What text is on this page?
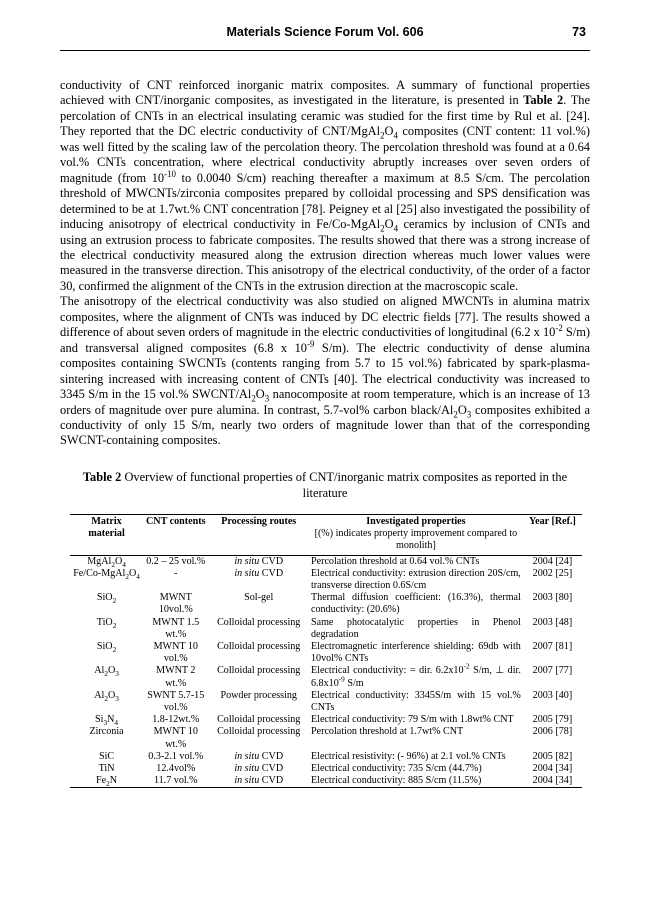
Materials Science Forum Vol. 606	73

conductivity of CNT reinforced inorganic matrix composites. A summary of functional properties achieved with CNT/inorganic composites, as investigated in the literature, is presented in Table 2. The percolation of CNTs in an electrical insulating ceramic was studied for the first time by Rul et al. [24]. They reported that the DC electric conductivity of CNT/$MgAl_2O_4$ composites (CNT content: 11 vol.%) was well fitted by the scaling law of the percolation theory. The percolation threshold was found at a 0.64 vol.% CNTs concentration, where electrical conductivity abruptly increases over seven orders of magnitude (from $10^{-10}$ to 0.0040 S/cm) reaching thereafter a maximum at 8.5 S/cm. The percolation threshold of MWCNTs/zirconia composites prepared by colloidal processing and SPS densification was determined to be at 1.7wt.% CNT concentration [78]. Peigney et al [25] also investigated the possibility of inducing anisotropy of electrical conductivity in $Fe/Co-MgAl_2O_4$ ceramics by inclusion of CNTs and using an extrusion process to fabricate composites. The results showed that there was a strong increase of the electrical conductivity measured along the extrusion direction whereas much lower values were measured in the transverse direction. This anisotropy of the electrical conductivity, of the order of a factor 30, confirmed the alignment of the CNTs in the extrusion direction at the macroscopic scale.

The anisotropy of the electrical conductivity was also studied on aligned MWCNTs in alumina matrix composites, where the alignment of CNTs was induced by DC electric fields [77]. The results showed a difference of about seven orders of magnitude in the electric conductivities of longitudinal (6.2 x $10^{-2}$ S/m) and transversal aligned composites (6.8 x $10^{-9}$ S/m). The electric conductivity of dense alumina composites containing SWCNTs (contents ranging from 5.7 to 15 vol.%) fabricated by spark-plasma-sintering increased with increasing content of CNTs [40]. The electrical conductivity was increased to 3345 S/m in the 15 vol.% SWCNT/$Al_2O_3$ nanocomposite at room temperature, which is an increase of 13 orders of magnitude over pure alumina. In contrast, 5.7-vol% carbon black/$Al_2O_3$ composites exhibited a conductivity of only 15 S/m, nearly two orders of magnitude lower than that of the corresponding SWCNT-containing composites.

Table 2 Overview of functional properties of CNT/inorganic matrix composites as reported in the literature
Matrix material	CNT contents	Processing routes	Investigated properties
[(%) indicates property improvement compared to monolith]	Year [Ref.]
$MgAl_2O_4$	0.2 – 25 vol.%	in situ CVD	Percolation threshold at 0.64 vol.% CNTs	2004 [24]
$Fe/Co-MgAl_2O_4$	-	in situ CVD	Electrical conductivity: extrusion direction 20S/cm, transverse direction 0.6S/cm	2002 [25]
SiO$_2$	MWNT 10vol.%	Sol-gel	Thermal diffusion coefficient: (16.3%), thermal conductivity: (20.6%)	2003 [80]
TiO$_2$	MWNT 1.5 wt.%	Colloidal processing	Same photocatalytic properties in Phenol degradation	2003 [48]
SiO$_2$	MWNT 10 vol.%	Colloidal processing	Electromagnetic interference shielding: 69db with 10vol% CNTs	2007 [81]
$Al_2O_3$	MWNT 2 wt.%	Colloidal processing	Electrical conductivity: = dir. $6.2x10^{-2}$ S/m, ⊥ dir. $6.8x10^{-9}$ S/m	2007 [77]
$Al_2O_3$	SWNT 5.7-15 vol.%	Powder processing	Electrical conductivity: 3345S/m with 15 vol.% CNTs	2003 [40]
$Si_3N_4$	1.8-12wt.%	Colloidal processing	Electrical conductivity: 79 S/m with 1.8wt% CNT	2005 [79]
Zirconia	MWNT 10 wt.%	Colloidal processing	Percolation threshold at 1.7wt% CNT	2006 [78]
SiC	0.3-2.1 vol.%	in situ CVD	Electrical resistivity: (- 96%) at 2.1 vol.% CNTs	2005 [82]
TiN	12.4vol%	in situ CVD	Electrical conductivity: 735 S/cm (44.7%)	2004 [34]
$Fe_2N$	11.7 vol.%	in situ CVD	Electrical conductivity: 885 S/cm (11.5%)	2004 [34]
